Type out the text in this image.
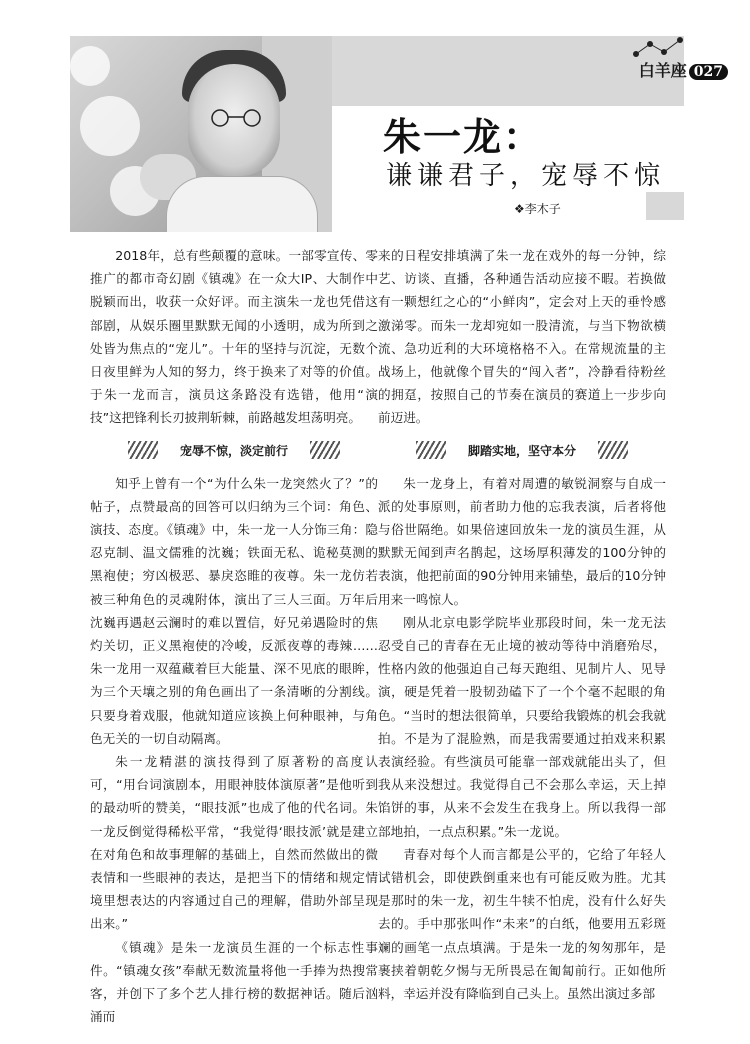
白羊座 027
朱一龙：
谦谦君子，宠辱不惊
❖李木子

2018年，总有些颠覆的意味。一部零宣传、零推广的都市奇幻剧《镇魂》在一众大IP、大制作中脱颖而出，收获一众好评。而主演朱一龙也凭借这部剧，从娱乐圈里默默无闻的小透明，成为所到之处皆为焦点的“宠儿”。十年的坚持与沉淀，无数个日夜里鲜为人知的努力，终于换来了对等的价值。于朱一龙而言，演员这条路没有选错，他用“演技”这把锋利长刃披荆斩棘，前路越发坦荡明亮。

宠辱不惊，淡定前行

知乎上曾有一个“为什么朱一龙突然火了？”的帖子，点赞最高的回答可以归纳为三个词：角色、演技、态度。《镇魂》中，朱一龙一人分饰三角：隐忍克制、温文儒雅的沈巍；铁面无私、诡秘莫测的黑袍使；穷凶极恶、暴戾恣睢的夜尊。朱一龙仿若被三种角色的灵魂附体，演出了三人三面。万年后沈巍再遇赵云澜时的难以置信，好兄弟遇险时的焦灼关切，正义黑袍使的冷峻，反派夜尊的毒辣……朱一龙用一双蕴藏着巨大能量、深不见底的眼眸，为三个天壤之别的角色画出了一条清晰的分割线。只要身着戏服，他就知道应该换上何种眼神，与角色无关的一切自动隔离。

朱一龙精湛的演技得到了原著粉的高度认可，“用台词演剧本，用眼神肢体演原著”是他听到的最动听的赞美，“眼技派”也成了他的代名词。朱一龙反倒觉得稀松平常，“我觉得‘眼技派’就是建立在对角色和故事理解的基础上，自然而然做出的微表情和一些眼神的表达，是把当下的情绪和规定情境里想表达的内容通过自己的理解，借助外部呈现出来。”

《镇魂》是朱一龙演员生涯的一个标志性事件。“镇魂女孩”奉献无数流量将他一手捧为热搜常客，并创下了多个艺人排行榜的数据神话。随后汹涌而

来的日程安排填满了朱一龙在戏外的每一分钟，综艺、访谈、直播，各种通告活动应接不暇。若换做有一颗想红之心的“小鲜肉”，定会对上天的垂怜感激涕零。而朱一龙却宛如一股清流，与当下物欲横流、急功近利的大环境格格不入。在常规流量的主战场上，他就像个冒失的“闯入者”，冷静看待粉丝的拥趸，按照自己的节奏在演员的赛道上一步步向前迈进。

脚踏实地，坚守本分

朱一龙身上，有着对周遭的敏锐洞察与自成一派的处事原则，前者助力他的忘我表演，后者将他与俗世隔绝。如果倍速回放朱一龙的演员生涯，从默默无闻到声名鹊起，这场厚积薄发的100分钟的表演，他把前面的90分钟用来铺垫，最后的10分钟用来一鸣惊人。

刚从北京电影学院毕业那段时间，朱一龙无法忍受自己的青春在无止境的被动等待中消磨殆尽，性格内敛的他强迫自己每天跑组、见制片人、见导演，硬是凭着一股韧劲磕下了一个个毫不起眼的角色。“当时的想法很简单，只要给我锻炼的机会我就拍。不是为了混脸熟，而是我需要通过拍戏来积累表演经验。有些演员可能靠一部戏就能出头了，但我从来没想过。我觉得自己不会那么幸运，天上掉馅饼的事，从来不会发生在我身上。所以我得一部部地拍，一点点积累。”朱一龙说。

青春对每个人而言都是公平的，它给了年轻人试错机会，即使跌倒重来也有可能反败为胜。尤其是那时的朱一龙，初生牛犊不怕虎，没有什么好失去的。手中那张叫作“未来”的白纸，他要用五彩斑斓的画笔一点点填满。于是朱一龙的匆匆那年，是裹挟着朝乾夕惕与无所畏忌在匍匐前行。正如他所料，幸运并没有降临到自己头上。虽然出演过多部
